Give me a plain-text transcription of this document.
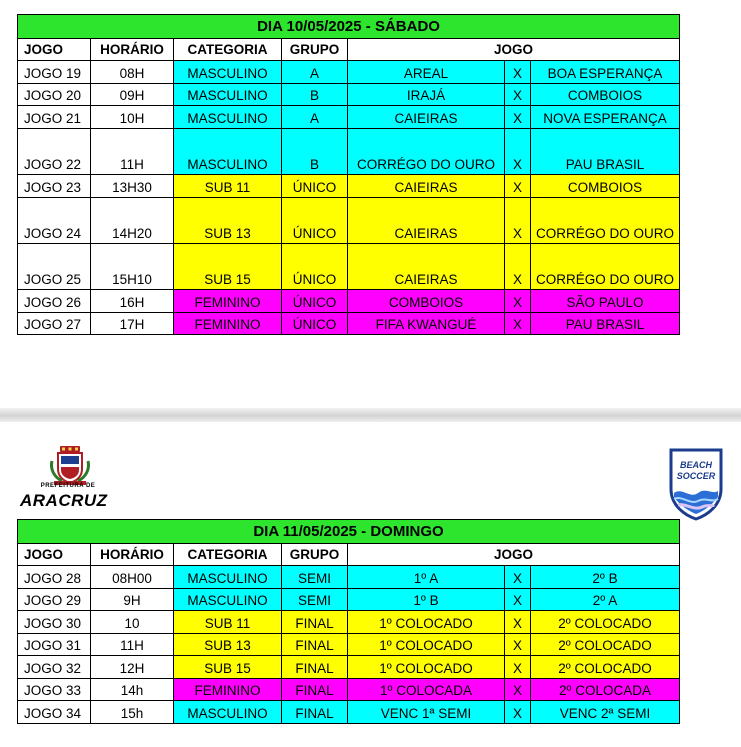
DIA 10/05/2025 - SÁBADO						
JOGO	HORÁRIO	CATEGORIA	GRUPO	JOGO		
JOGO 19	08H	MASCULINO	A	AREAL	X	BOA ESPERANÇA
JOGO 20	09H	MASCULINO	B	IRAJÁ	X	COMBOIOS
JOGO 21	10H	MASCULINO	A	CAIEIRAS	X	NOVA ESPERANÇA
JOGO 22	11H	MASCULINO	B	CORRÉGO DO OURO	X	PAU BRASIL
JOGO 23	13H30	SUB 11	ÚNICO	CAIEIRAS	X	COMBOIOS
JOGO 24	14H20	SUB 13	ÚNICO	CAIEIRAS	X	CORRÉGO DO OURO
JOGO 25	15H10	SUB 15	ÚNICO	CAIEIRAS	X	CORRÉGO DO OURO
JOGO 26	16H	FEMININO	ÚNICO	COMBOIOS	X	SÃO PAULO
JOGO 27	17H	FEMININO	ÚNICO	FIFA KWANGUÉ	X	PAU BRASIL
PREFEITURA DE
ARACRUZ
BEACH
SOCCER
DIA 11/05/2025 - DOMINGO						
JOGO	HORÁRIO	CATEGORIA	GRUPO	JOGO		
JOGO 28	08H00	MASCULINO	SEMI	1º A	X	2º B
JOGO 29	9H	MASCULINO	SEMI	1º B	X	2º A
JOGO 30	10	SUB 11	FINAL	1º COLOCADO	X	2º COLOCADO
JOGO 31	11H	SUB 13	FINAL	1º COLOCADO	X	2º COLOCADO
JOGO 32	12H	SUB 15	FINAL	1º COLOCADO	X	2º COLOCADO
JOGO 33	14h	FEMININO	FINAL	1º COLOCADA	X	2º COLOCADA
JOGO 34	15h	MASCULINO	FINAL	VENC 1ª SEMI	X	VENC 2ª SEMI
